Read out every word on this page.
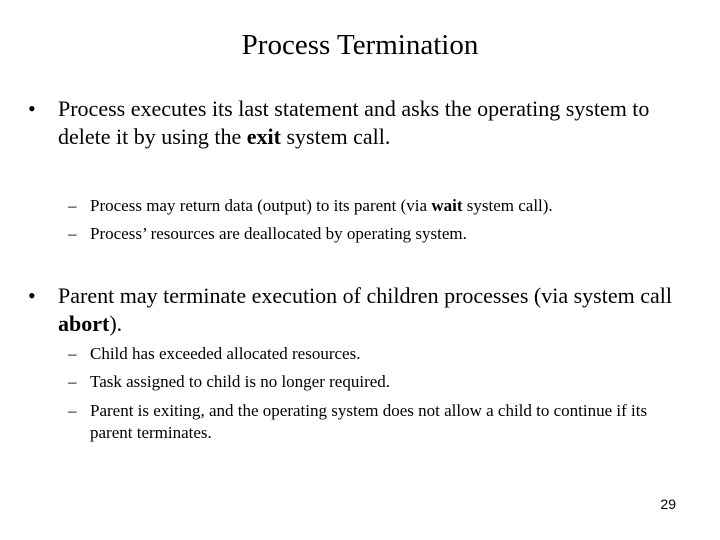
Process Termination
•	Process executes its last statement and asks the operating system to delete it by using the exit system call.
– Process may return data (output) to its parent (via wait system call).
– Process’ resources are deallocated by operating system.
•	Parent may terminate execution of children processes (via system call abort).
– Child has exceeded allocated resources.
– Task assigned to child is no longer required.
– Parent is exiting, and the operating system does not allow a child to continue if its parent terminates.
29
